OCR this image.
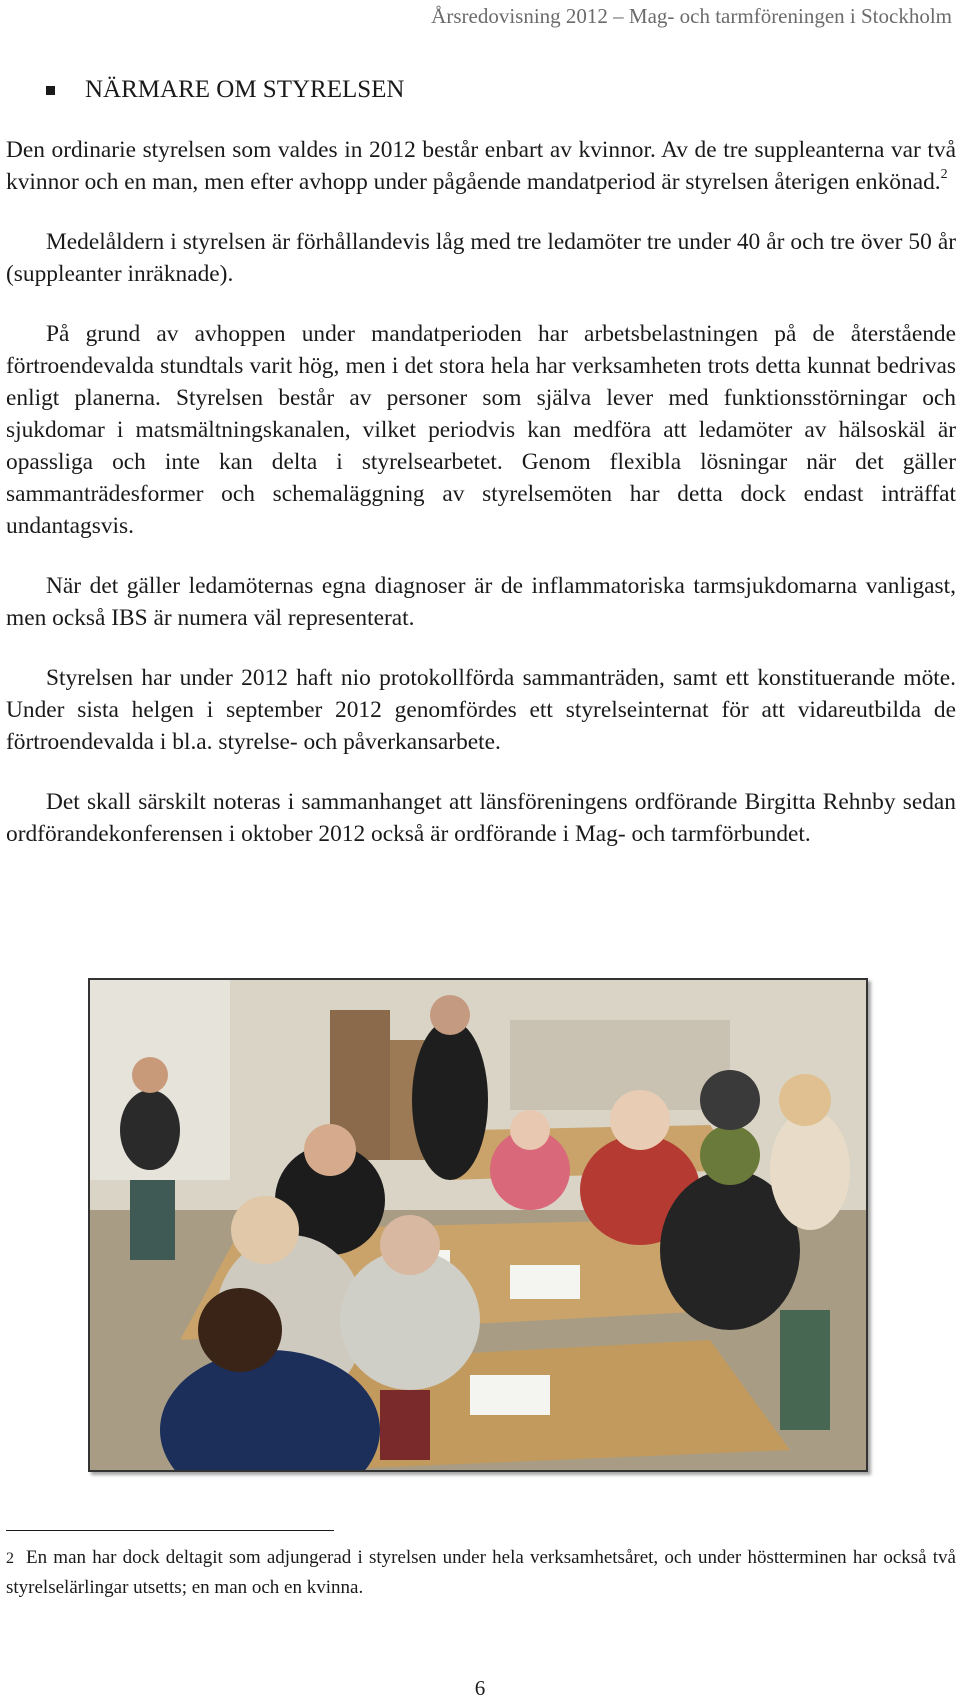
Årsredovisning 2012 – Mag- och tarmföreningen i Stockholm
NÄRMARE OM STYRELSEN

Den ordinarie styrelsen som valdes in 2012 består enbart av kvinnor. Av de tre suppleanterna var två kvinnor och en man, men efter avhopp under pågående mandatperiod är styrelsen återigen enkönad.$^2$

Medelåldern i styrelsen är förhållandevis låg med tre ledamöter tre under 40 år och tre över 50 år (suppleanter inräknade).

På grund av avhoppen under mandatperioden har arbetsbelastningen på de återstående förtroendevalda stundtals varit hög, men i det stora hela har verksamheten trots detta kunnat bedrivas enligt planerna. Styrelsen består av personer som själva lever med funktionsstörningar och sjukdomar i matsmältningskanalen, vilket periodvis kan medföra att ledamöter av hälsoskäl är opassliga och inte kan delta i styrelsearbetet. Genom flexibla lösningar när det gäller sammanträdesformer och schemaläggning av styrelsemöten har detta dock endast inträffat undantagsvis.

När det gäller ledamöternas egna diagnoser är de inflammatoriska tarmsjukdomarna vanligast, men också IBS är numera väl representerat.

Styrelsen har under 2012 haft nio protokollförda sammanträden, samt ett konstituerande möte. Under sista helgen i september 2012 genomfördes ett styrelseinternat för att vidareutbilda de förtroendevalda i bl.a. styrelse- och påverkansarbete.

Det skall särskilt noteras i sammanhanget att länsföreningens ordförande Birgitta Rehnby sedan ordförandekonferensen i oktober 2012 också är ordförande i Mag- och tarmförbundet.

2 En man har dock deltagit som adjungerad i styrelsen under hela verksamhetsåret, och under höstterminen har också två styrelselärlingar utsetts; en man och en kvinna.
6
